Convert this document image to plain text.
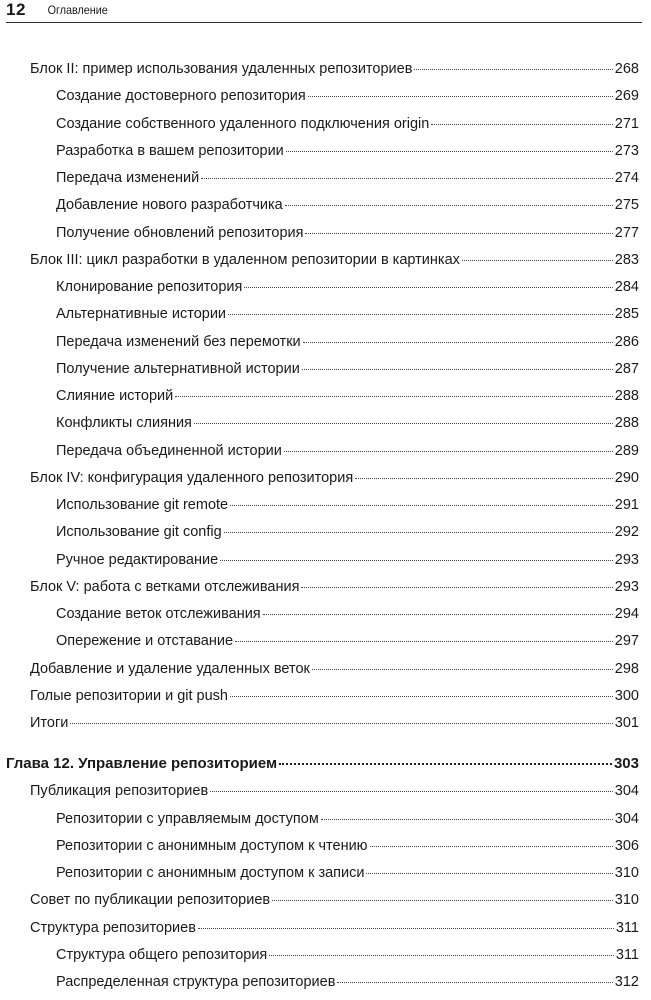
12	Оглавление
Блок II: пример использования удаленных репозиториев	268
Создание достоверного репозитория	269
Создание собственного удаленного подключения origin	271
Разработка в вашем репозитории	273
Передача изменений	274
Добавление нового разработчика	275
Получение обновлений репозитория	277
Блок III: цикл разработки в удаленном репозитории в картинках	283
Клонирование репозитория	284
Альтернативные истории	285
Передача изменений без перемотки	286
Получение альтернативной истории	287
Слияние историй	288
Конфликты слияния	288
Передача объединенной истории	289
Блок IV: конфигурация удаленного репозитория	290
Использование git remote	291
Использование git config	292
Ручное редактирование	293
Блок V: работа с ветками отслеживания	293
Создание веток отслеживания	294
Опережение и отставание	297
Добавление и удаление удаленных веток	298
Голые репозитории и git push	300
Итоги	301
Глава 12. Управление репозиторием	303
Публикация репозиториев	304
Репозитории с управляемым доступом	304
Репозитории с анонимным доступом к чтению	306
Репозитории с анонимным доступом к записи	310
Совет по публикации репозиториев	310
Структура репозиториев	311
Структура общего репозитория	311
Распределенная структура репозиториев	312
